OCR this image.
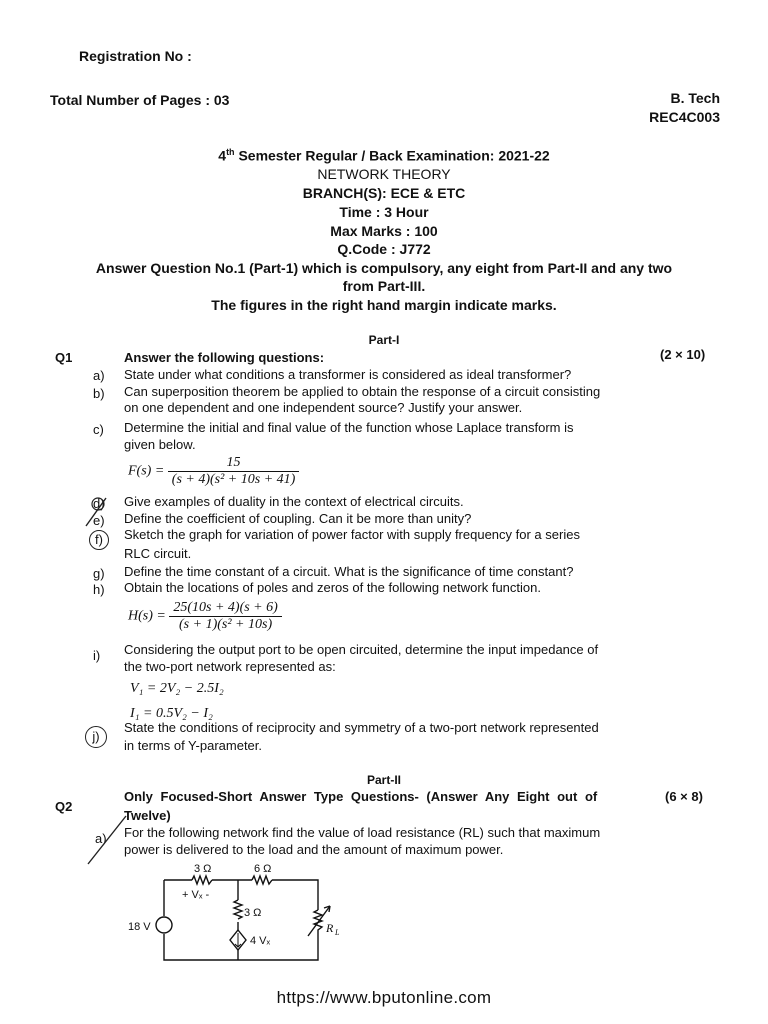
Registration No :
Total Number of Pages : 03	B. Tech
REC4C003
4th Semester Regular / Back Examination: 2021-22
NETWORK THEORY
BRANCH(S): ECE & ETC
Time : 3 Hour
Max Marks : 100
Q.Code : J772
Answer Question No.1 (Part-1) which is compulsory, any eight from Part-II and any two
from Part-III.
The figures in the right hand margin indicate marks.
Part-I
Q1	Answer the following questions:	(2 × 10)
a) State under what conditions a transformer is considered as ideal transformer?
b) Can superposition theorem be applied to obtain the response of a circuit consisting
on one dependent and one independent source? Justify your answer.
c) Determine the initial and final value of the function whose Laplace transform is
given below.
$F(s) = \frac{15}{\text{(s + 4)(s² + 10s + 41)}}$
d) Give examples of duality in the context of electrical circuits.
e) Define the coefficient of coupling. Can it be more than unity?
f)	Sketch the graph for variation of power factor with supply frequency for a series
RLC circuit.
g) Define the time constant of a circuit. What is the significance of time constant?
h) Obtain the locations of poles and zeros of the following network function.
$H(s) = \frac{25(10s + 4)(s + 6)}{\text{(s + 1)(s² + 10s)}}$
i) Considering the output port to be open circuited, determine the input impedance of
the two-port network represented as:
V₁ = 2V₂ − 2.5I₂
I₁ = 0.5V₂ − I₂
j)
State the conditions of reciprocity and symmetry of a two-port network represented
in terms of Y-parameter.
Part-II
Q2
Only Focused-Short Answer Type Questions- (Answer Any Eight out of
Twelve)
(6 × 8)
a) For the following network find the value of load resistance (RL) such that maximum
power is delivered to the load and the amount of maximum power.
3 Ω	6 Ω
+ Vₓ -
3 Ω
4 Vₓ
18 V	R L
https://www.bputonline.com
